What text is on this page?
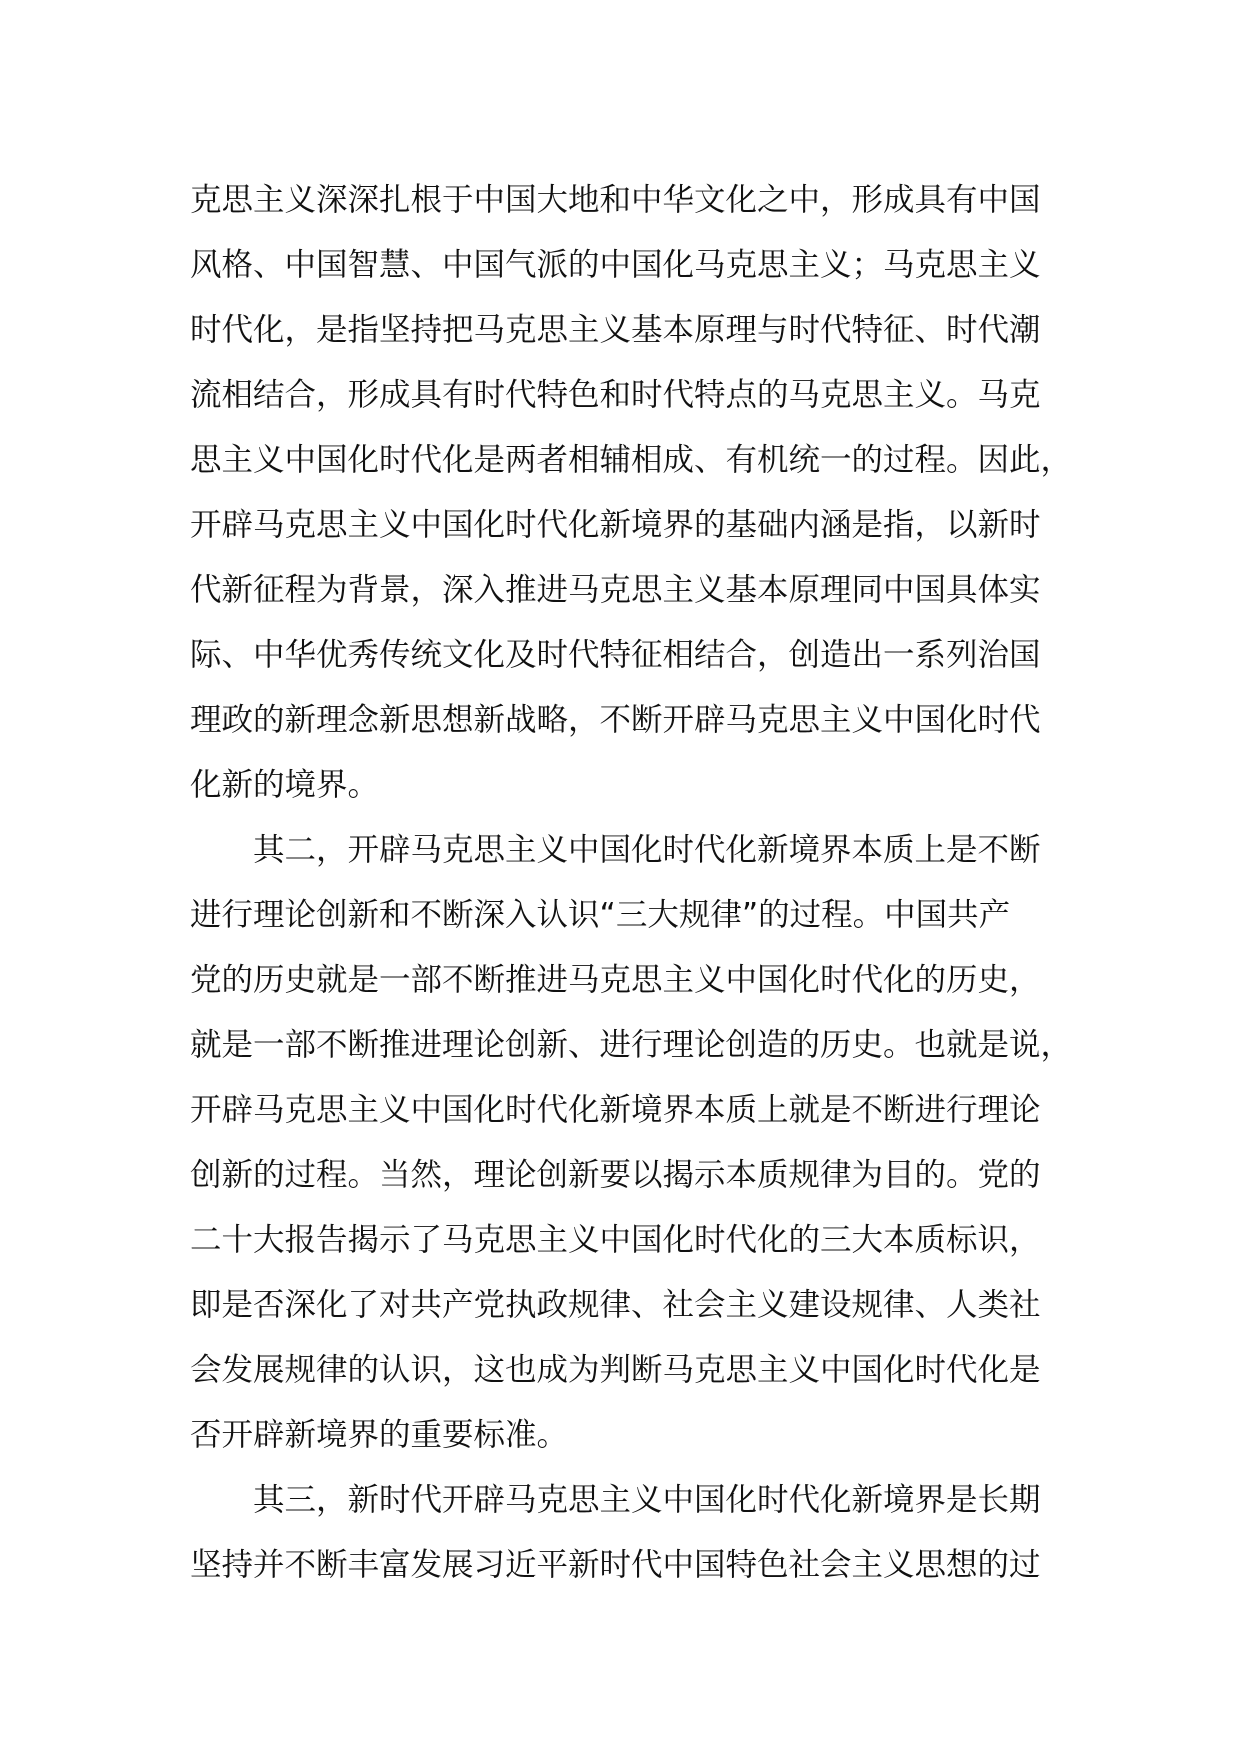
克思主义深深扎根于中国大地和中华文化之中，形成具有中国
风格、中国智慧、中国气派的中国化马克思主义；马克思主义
时代化，是指坚持把马克思主义基本原理与时代特征、时代潮
流相结合，形成具有时代特色和时代特点的马克思主义。马克
思主义中国化时代化是两者相辅相成、有机统一的过程。因此，
开辟马克思主义中国化时代化新境界的基础内涵是指，以新时
代新征程为背景，深入推进马克思主义基本原理同中国具体实
际、中华优秀传统文化及时代特征相结合，创造出一系列治国
理政的新理念新思想新战略，不断开辟马克思主义中国化时代
化新的境界。
其二，开辟马克思主义中国化时代化新境界本质上是不断
进行理论创新和不断深入认识“三大规律”的过程。中国共产
党的历史就是一部不断推进马克思主义中国化时代化的历史，
就是一部不断推进理论创新、进行理论创造的历史。也就是说，
开辟马克思主义中国化时代化新境界本质上就是不断进行理论
创新的过程。当然，理论创新要以揭示本质规律为目的。党的
二十大报告揭示了马克思主义中国化时代化的三大本质标识，
即是否深化了对共产党执政规律、社会主义建设规律、人类社
会发展规律的认识，这也成为判断马克思主义中国化时代化是
否开辟新境界的重要标准。
其三，新时代开辟马克思主义中国化时代化新境界是长期
坚持并不断丰富发展习近平新时代中国特色社会主义思想的过
